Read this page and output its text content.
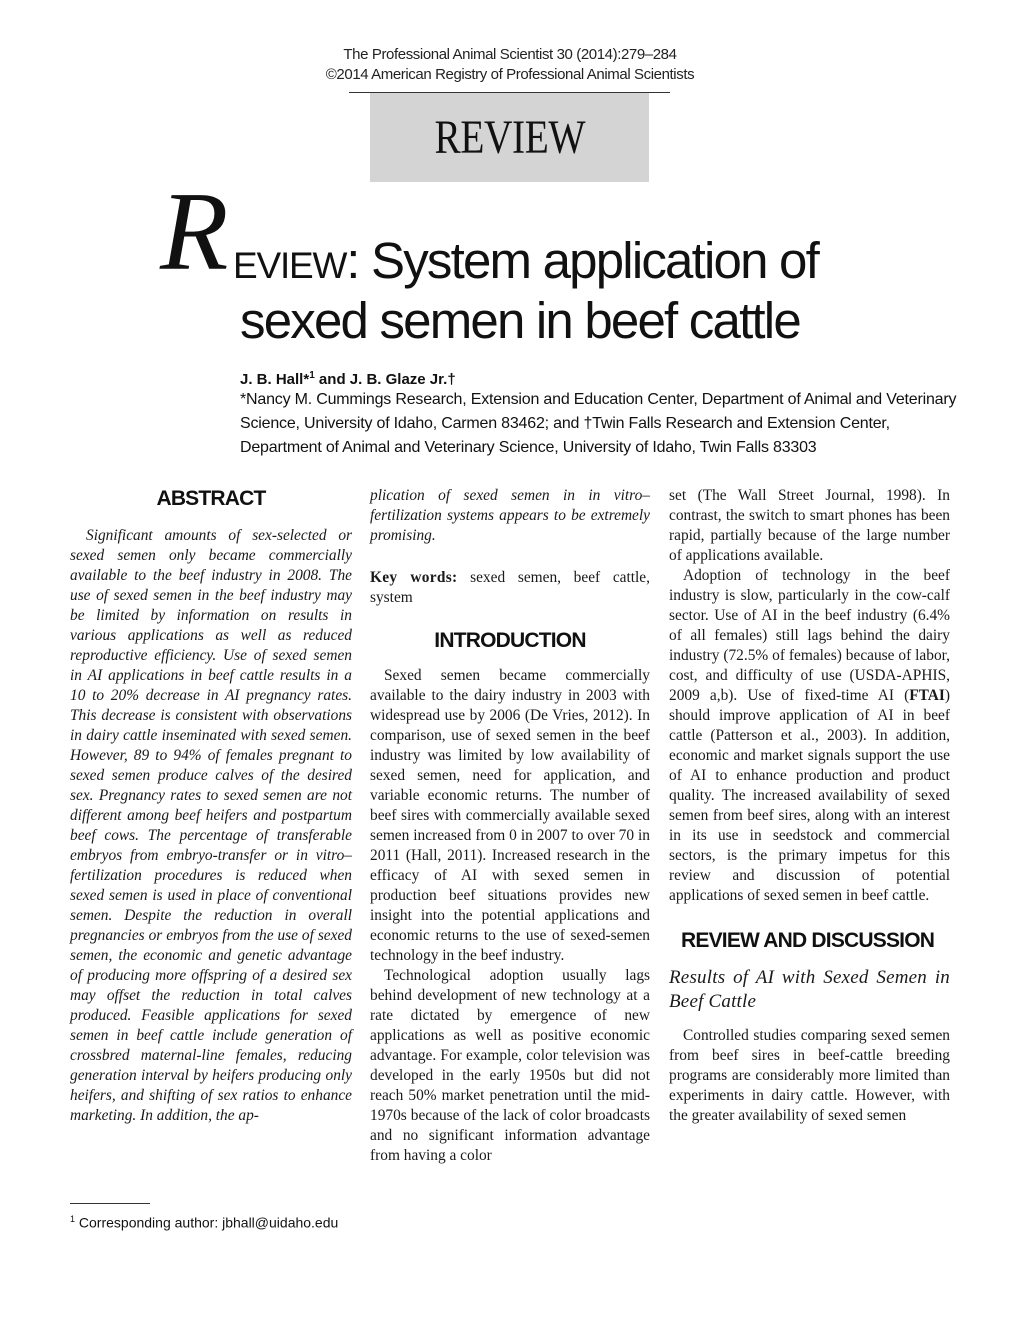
The Professional Animal Scientist 30 (2014):279–284
©2014 American Registry of Professional Animal Scientists
REVIEW
R EVIEW: System application of
sexed semen in beef cattle
J. B. Hall*$^1$ and J. B. Glaze Jr.†
*Nancy M. Cummings Research, Extension and Education Center, Department of Animal and Veterinary Science, University of Idaho, Carmen 83462; and †Twin Falls Research and Extension Center, Department of Animal and Veterinary Science, University of Idaho, Twin Falls 83303
ABSTRACT

Significant amounts of sex-selected or sexed semen only became commercially available to the beef industry in 2008. The use of sexed semen in the beef industry may be limited by information on results in various applications as well as reduced reproductive efficiency. Use of sexed semen in AI applications in beef cattle results in a 10 to 20% decrease in AI pregnancy rates. This decrease is consistent with observations in dairy cattle inseminated with sexed semen. However, 89 to 94% of females pregnant to sexed semen produce calves of the desired sex. Pregnancy rates to sexed semen are not different among beef heifers and postpartum beef cows. The percentage of transferable embryos from embryo-transfer or in vitro–fertilization procedures is reduced when sexed semen is used in place of conventional semen. Despite the reduction in overall pregnancies or embryos from the use of sexed semen, the economic and genetic advantage of producing more offspring of a desired sex may offset the reduction in total calves produced. Feasible applications for sexed semen in beef cattle include generation of crossbred maternal-line females, reducing generation interval by heifers producing only heifers, and shifting of sex ratios to enhance marketing. In addition, the ap-

plication of sexed semen in in vitro–fertilization systems appears to be extremely promising.

Key words: sexed semen, beef cattle, system

INTRODUCTION

Sexed semen became commercially available to the dairy industry in 2003 with widespread use by 2006 (De Vries, 2012). In comparison, use of sexed semen in the beef industry was limited by low availability of sexed semen, need for application, and variable economic returns. The number of beef sires with commercially available sexed semen increased from 0 in 2007 to over 70 in 2011 (Hall, 2011). Increased research in the efficacy of AI with sexed semen in production beef situations provides new insight into the potential applications and economic returns to the use of sexed-semen technology in the beef industry.

Technological adoption usually lags behind development of new technology at a rate dictated by emergence of new applications as well as positive economic advantage. For example, color television was developed in the early 1950s but did not reach 50% market penetration until the mid-1970s because of the lack of color broadcasts and no significant information advantage from having a color

set (The Wall Street Journal, 1998). In contrast, the switch to smart phones has been rapid, partially because of the large number of applications available.

Adoption of technology in the beef industry is slow, particularly in the cow-calf sector. Use of AI in the beef industry (6.4% of all females) still lags behind the dairy industry (72.5% of females) because of labor, cost, and difficulty of use (USDA-APHIS, 2009 a,b). Use of fixed-time AI (FTAI) should improve application of AI in beef cattle (Patterson et al., 2003). In addition, economic and market signals support the use of AI to enhance production and product quality. The increased availability of sexed semen from beef sires, along with an interest in its use in seedstock and commercial sectors, is the primary impetus for this review and discussion of potential applications of sexed semen in beef cattle.

REVIEW AND DISCUSSION

Results of AI with Sexed Semen in Beef Cattle

Controlled studies comparing sexed semen from beef sires in beef-cattle breeding programs are considerably more limited than experiments in dairy cattle. However, with the greater availability of sexed semen

$^1$ Corresponding author: jbhall@uidaho.edu
